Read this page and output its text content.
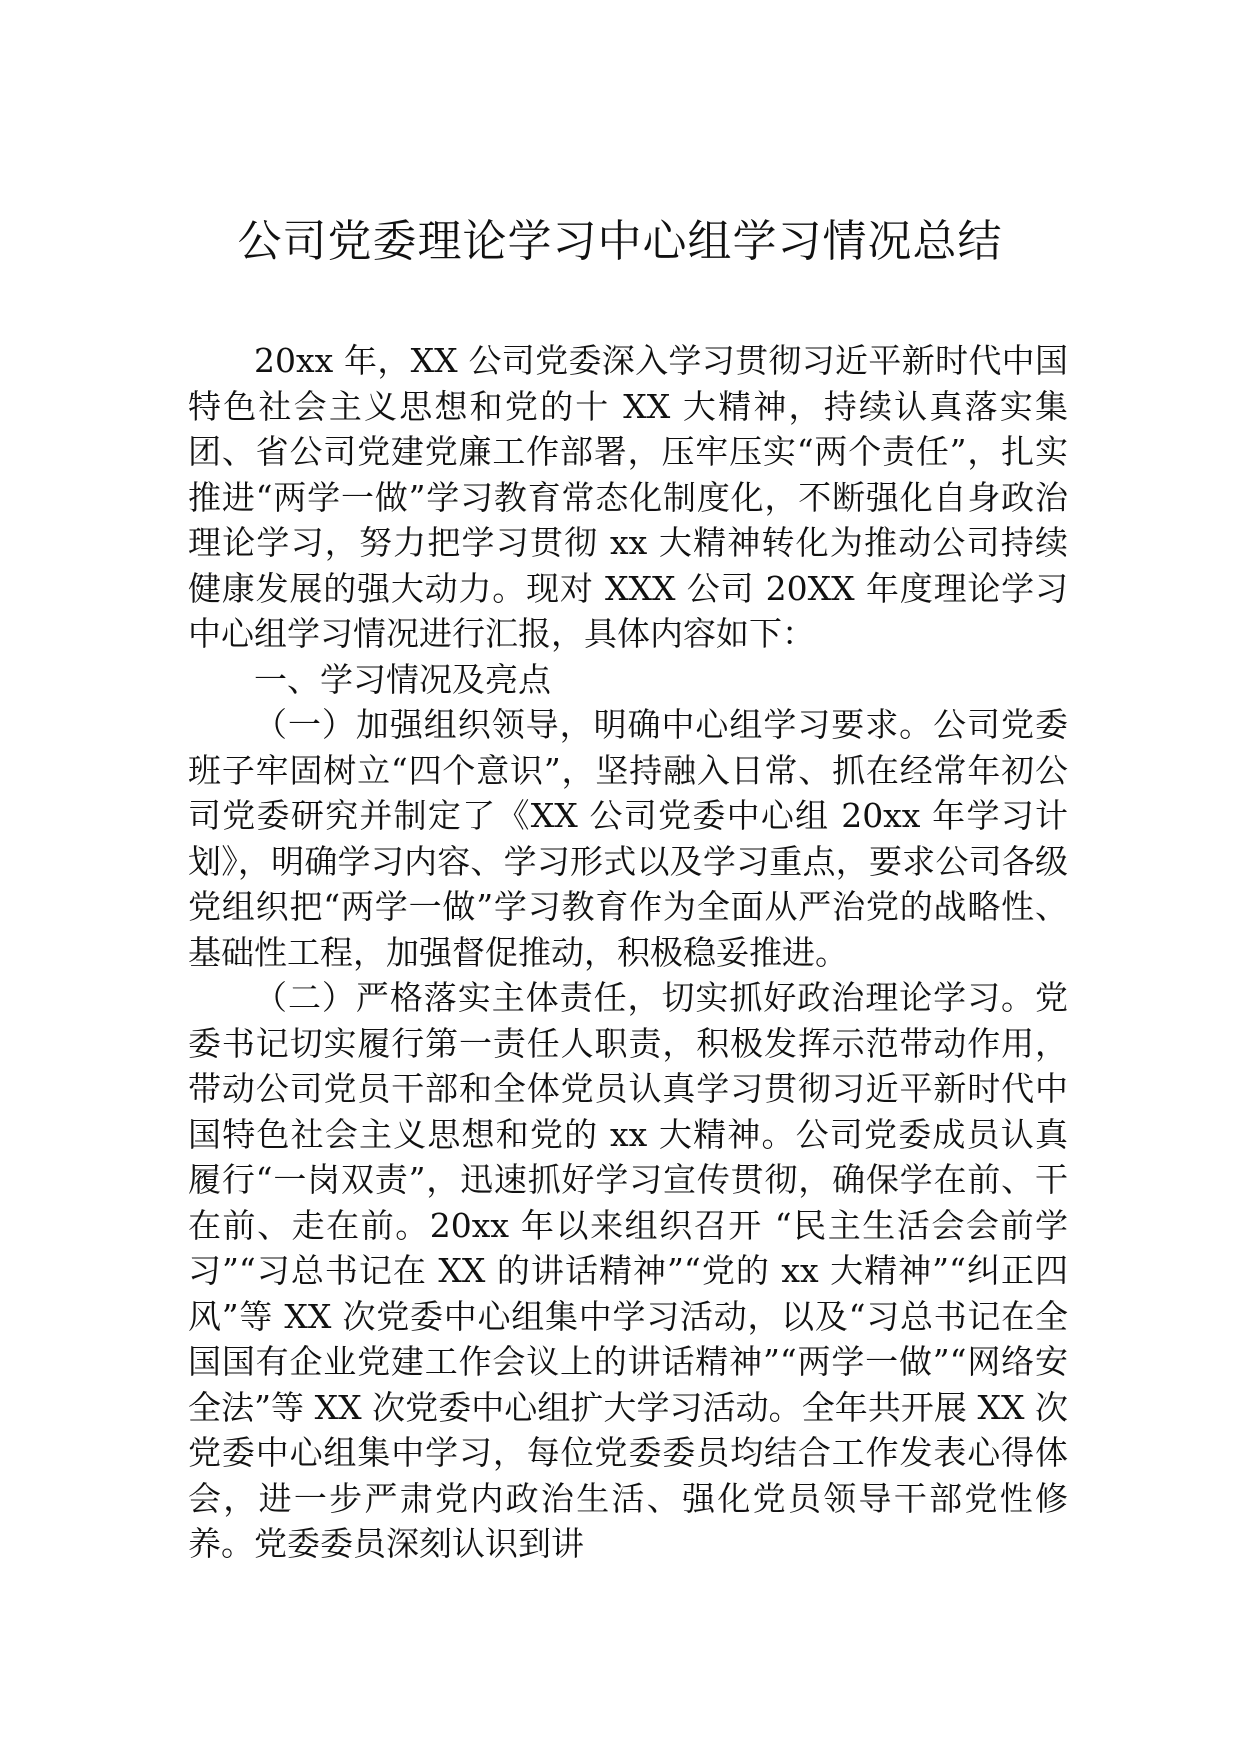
公司党委理论学习中心组学习情况总结

20xx 年，XX 公司党委深入学习贯彻习近平新时代中国特色社会主义思想和党的十 XX 大精神，持续认真落实集团、省公司党建党廉工作部署，压牢压实“两个责任”，扎实推进“两学一做”学习教育常态化制度化，不断强化自身政治理论学习，努力把学习贯彻 xx 大精神转化为推动公司持续健康发展的强大动力。现对 XXX 公司 20XX 年度理论学习中心组学习情况进行汇报，具体内容如下：

一、学习情况及亮点

（一）加强组织领导，明确中心组学习要求。公司党委班子牢固树立“四个意识”，坚持融入日常、抓在经常年初公司党委研究并制定了《XX 公司党委中心组 20xx 年学习计划》，明确学习内容、学习形式以及学习重点，要求公司各级党组织把“两学一做”学习教育作为全面从严治党的战略性、基础性工程，加强督促推动，积极稳妥推进。

（二）严格落实主体责任，切实抓好政治理论学习。党委书记切实履行第一责任人职责，积极发挥示范带动作用，带动公司党员干部和全体党员认真学习贯彻习近平新时代中国特色社会主义思想和党的 xx 大精神。公司党委成员认真履行“一岗双责”，迅速抓好学习宣传贯彻，确保学在前、干在前、走在前。20xx 年以来组织召开 “民主生活会会前学习”“习总书记在 XX 的讲话精神”“党的 xx 大精神”“纠正四风”等 XX 次党委中心组集中学习活动，以及“习总书记在全国国有企业党建工作会议上的讲话精神”“两学一做”“网络安全法”等 XX 次党委中心组扩大学习活动。全年共开展 XX 次党委中心组集中学习，每位党委委员均结合工作发表心得体会，进一步严肃党内政治生活、强化党员领导干部党性修养。党委委员深刻认识到讲
